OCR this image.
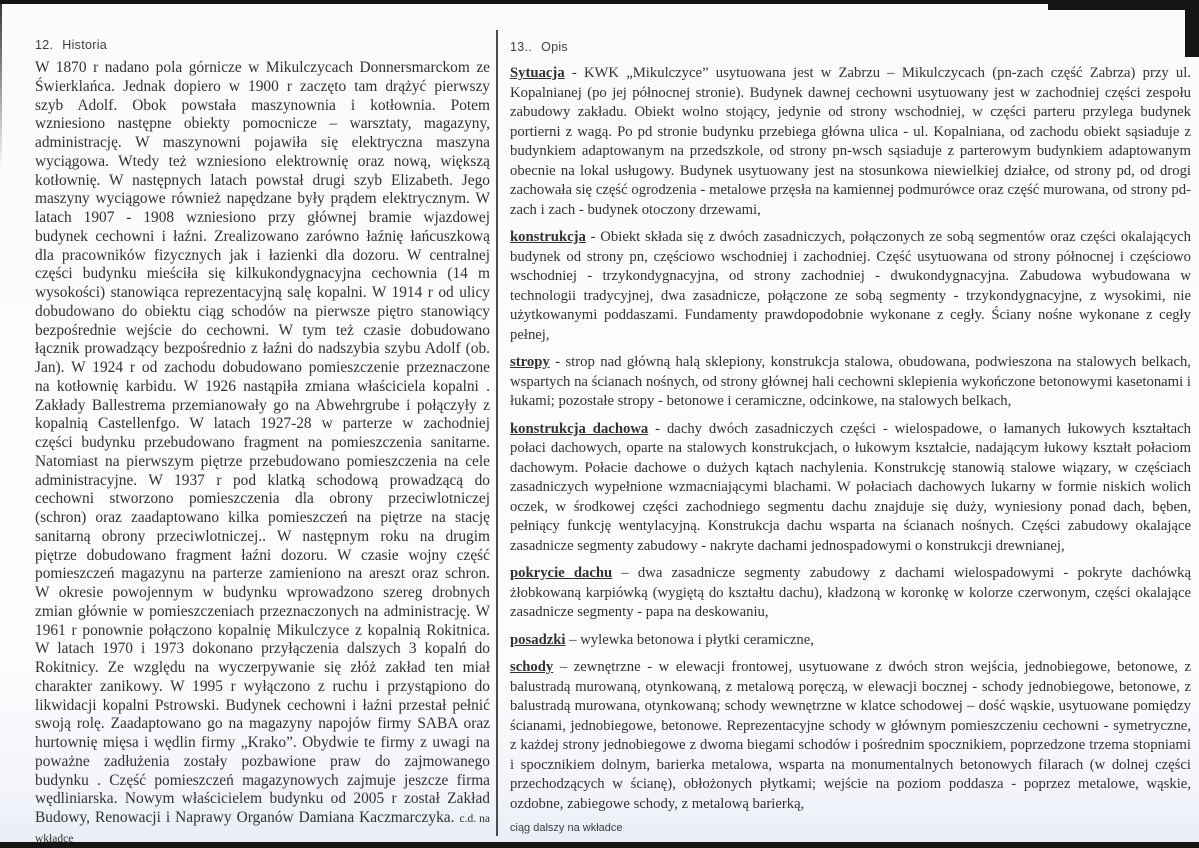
12. Historia

W 1870 r nadano pola górnicze w Mikulczycach Donnersmarckom ze Świerklańca. Jednak dopiero w 1900 r zaczęto tam drążyć pierwszy szyb Adolf. Obok powstała maszynownia i kotłownia. Potem wzniesiono następne obiekty pomocnicze – warsztaty, magazyny, administrację. W maszynowni pojawiła się elektryczna maszyna wyciągowa. Wtedy też wzniesiono elektrownię oraz nową, większą kotłownię. W następnych latach powstał drugi szyb Elizabeth. Jego maszyny wyciągowe również napędzane były prądem elektrycznym. W latach 1907 - 1908 wzniesiono przy głównej bramie wjazdowej budynek cechowni i łaźni. Zrealizowano zarówno łaźnię łańcuszkową dla pracowników fizycznych jak i łazienki dla dozoru. W centralnej części budynku mieściła się kilkukondygnacyjna cechownia (14 m wysokości) stanowiąca reprezentacyjną salę kopalni. W 1914 r od ulicy dobudowano do obiektu ciąg schodów na pierwsze piętro stanowiący bezpośrednie wejście do cechowni. W tym też czasie dobudowano łącznik prowadzący bezpośrednio z łaźni do nadszybia szybu Adolf (ob. Jan). W 1924 r od zachodu dobudowano pomieszczenie przeznaczone na kotłownię karbidu. W 1926 nastąpiła zmiana właściciela kopalni . Zakłady Ballestrema przemianowały go na Abwehrgrube i połączyły z kopalnią Castellenfgo. W latach 1927-28 w parterze w zachodniej części budynku przebudowano fragment na pomieszczenia sanitarne. Natomiast na pierwszym piętrze przebudowano pomieszczenia na cele administracyjne. W 1937 r pod klatką schodową prowadzącą do cechowni stworzono pomieszczenia dla obrony przeciwlotniczej (schron) oraz zaadaptowano kilka pomieszczeń na piętrze na stację sanitarną obrony przeciwlotniczej.. W następnym roku na drugim piętrze dobudowano fragment łaźni dozoru. W czasie wojny część pomieszczeń magazynu na parterze zamieniono na areszt oraz schron. W okresie powojennym w budynku wprowadzono szereg drobnych zmian głównie w pomieszczeniach przeznaczonych na administrację. W 1961 r ponownie połączono kopalnię Mikulczyce z kopalnią Rokitnica. W latach 1970 i 1973 dokonano przyłączenia dalszych 3 kopalń do Rokitnicy. Ze względu na wyczerpywanie się złóż zakład ten miał charakter zanikowy. W 1995 r wyłączono z ruchu i przystąpiono do likwidacji kopalni Pstrowski. Budynek cechowni i łaźni przestał pełnić swoją rolę. Zaadaptowano go na magazyny napojów firmy SABA oraz hurtownię mięsa i wędlin firmy „Krako”. Obydwie te firmy z uwagi na poważne zadłużenia zostały pozbawione praw do zajmowanego budynku . Część pomieszczeń magazynowych zajmuje jeszcze firma wędliniarska. Nowym właścicielem budynku od 2005 r został Zakład Budowy, Renowacji i Naprawy Organów Damiana Kaczmarczyka. c.d. na wkładce

13.. Opis

Sytuacja - KWK „Mikulczyce” usytuowana jest w Zabrzu – Mikulczycach (pn-zach część Zabrza) przy ul. Kopalnianej (po jej północnej stronie). Budynek dawnej cechowni usytuowany jest w zachodniej części zespołu zabudowy zakładu. Obiekt wolno stojący, jedynie od strony wschodniej, w części parteru przylega budynek portierni z wagą. Po pd stronie budynku przebiega główna ulica - ul. Kopalniana, od zachodu obiekt sąsiaduje z budynkiem adaptowanym na przedszkole, od strony pn-wsch sąsiaduje z parterowym budynkiem adaptowanym obecnie na lokal usługowy. Budynek usytuowany jest na stosunkowa niewielkiej działce, od strony pd, od drogi zachowała się część ogrodzenia - metalowe przęsła na kamiennej podmurówce oraz część murowana, od strony pd-zach i zach - budynek otoczony drzewami,

konstrukcja - Obiekt składa się z dwóch zasadniczych, połączonych ze sobą segmentów oraz części okalających budynek od strony pn, częściowo wschodniej i zachodniej. Część usytuowana od strony północnej i częściowo wschodniej - trzykondygnacyjna, od strony zachodniej - dwukondygnacyjna. Zabudowa wybudowana w technologii tradycyjnej, dwa zasadnicze, połączone ze sobą segmenty - trzykondygnacyjne, z wysokimi, nie użytkowanymi poddaszami. Fundamenty prawdopodobnie wykonane z cegły. Ściany nośne wykonane z cegły pełnej,

stropy - strop nad główną halą sklepiony, konstrukcja stalowa, obudowana, podwieszona na stalowych belkach, wspartych na ścianach nośnych, od strony głównej hali cechowni sklepienia wykończone betonowymi kasetonami i łukami; pozostałe stropy - betonowe i ceramiczne, odcinkowe, na stalowych belkach,

konstrukcja dachowa - dachy dwóch zasadniczych części - wielospadowe, o łamanych łukowych kształtach połaci dachowych, oparte na stalowych konstrukcjach, o łukowym kształcie, nadającym łukowy kształt połaciom dachowym. Połacie dachowe o dużych kątach nachylenia. Konstrukcję stanowią stalowe wiązary, w częściach zasadniczych wypełnione wzmacniającymi blachami. W połaciach dachowych lukarny w formie niskich wolich oczek, w środkowej części zachodniego segmentu dachu znajduje się duży, wyniesiony ponad dach, bęben, pełniący funkcję wentylacyjną. Konstrukcja dachu wsparta na ścianach nośnych. Części zabudowy okalające zasadnicze segmenty zabudowy - nakryte dachami jednospadowymi o konstrukcji drewnianej,

pokrycie dachu – dwa zasadnicze segmenty zabudowy z dachami wielospadowymi - pokryte dachówką żłobkowaną karpiówką (wygiętą do kształtu dachu), kładzoną w koronkę w kolorze czerwonym, części okalające zasadnicze segmenty - papa na deskowaniu,

posadzki – wylewka betonowa i płytki ceramiczne,

schody – zewnętrzne - w elewacji frontowej, usytuowane z dwóch stron wejścia, jednobiegowe, betonowe, z balustradą murowaną, otynkowaną, z metalową poręczą, w elewacji bocznej - schody jednobiegowe, betonowe, z balustradą murowana, otynkowaną; schody wewnętrzne w klatce schodowej – dość wąskie, usytuowane pomiędzy ścianami, jednobiegowe, betonowe. Reprezentacyjne schody w głównym pomieszczeniu cechowni - symetryczne, z każdej strony jednobiegowe z dwoma biegami schodów i pośrednim spocznikiem, poprzedzone trzema stopniami i spocznikiem dolnym, barierka metalowa, wsparta na monumentalnych betonowych filarach (w dolnej części przechodzących w ścianę), obłożonych płytkami; wejście na poziom poddasza - poprzez metalowe, wąskie, ozdobne, zabiegowe schody, z metalową barierką,

ciąg dalszy na wkładce
